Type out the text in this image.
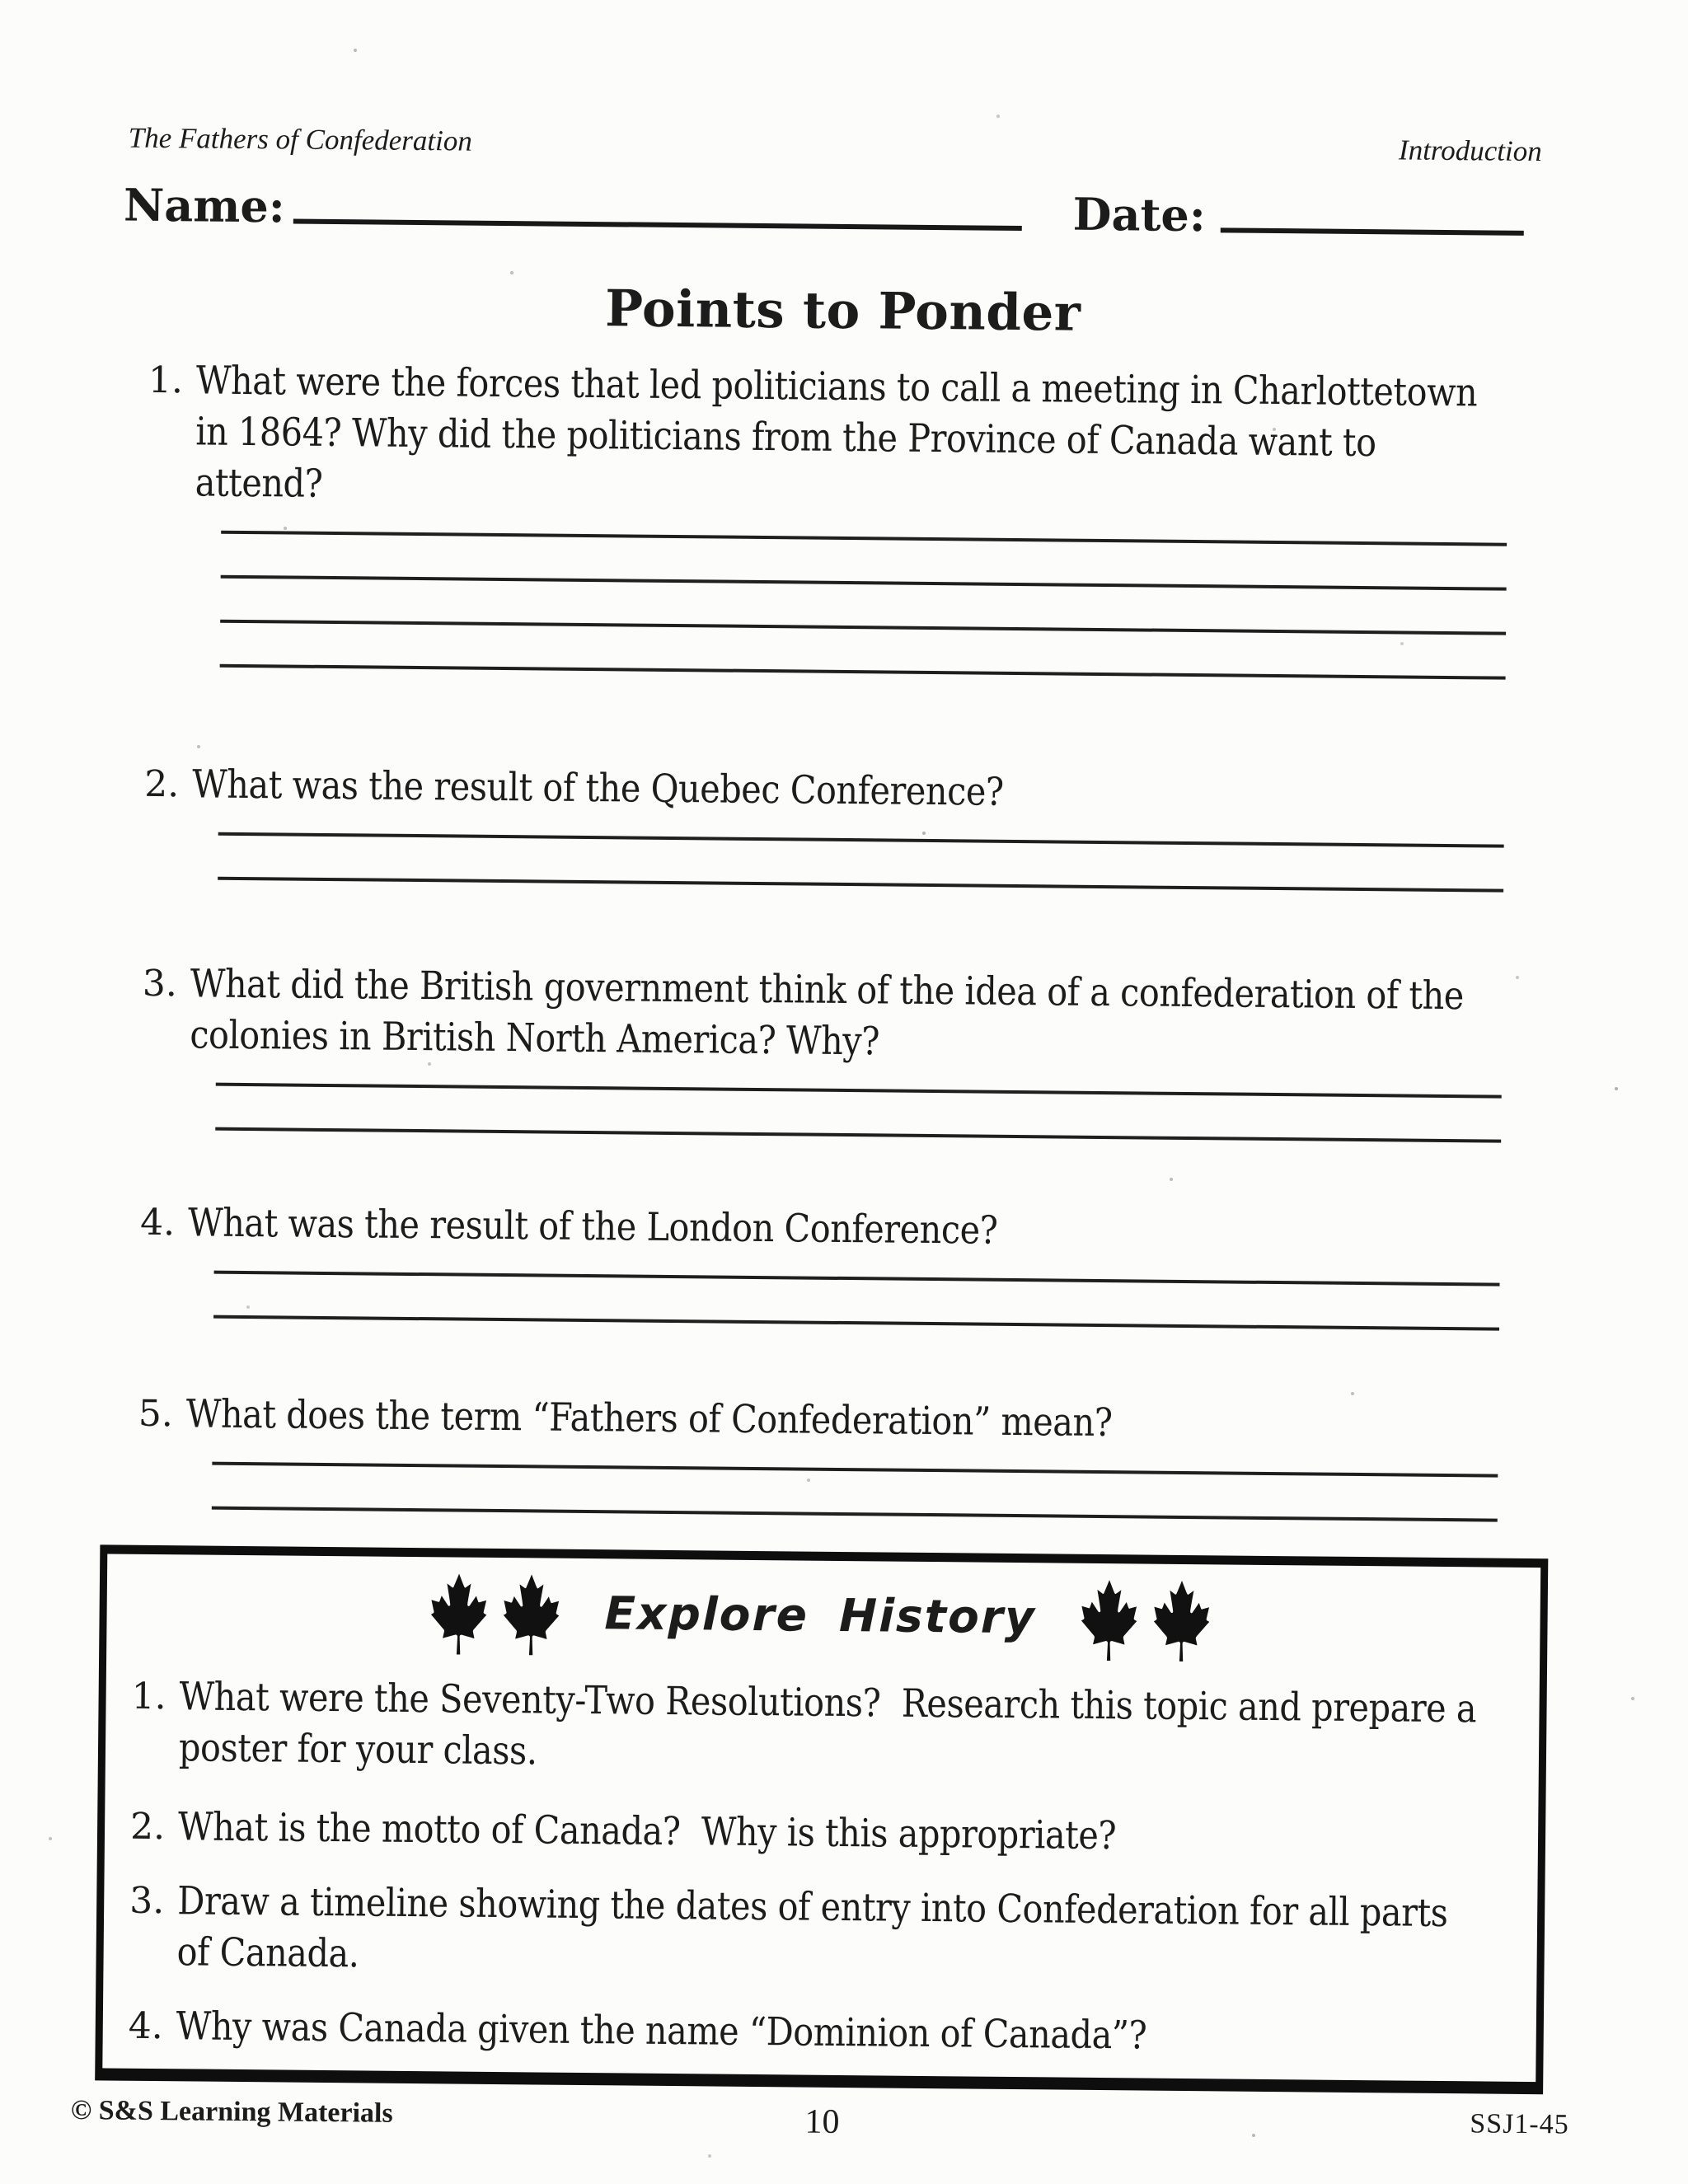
The Fathers of Confederation	Introduction
Name:	Date:
Points to Ponder
1. What were the forces that led politicians to call a meeting in Charlottetown
in 1864? Why did the politicians from the Province of Canada want to
attend?
2. What was the result of the Quebec Conference?
3. What did the British government think of the idea of a confederation of the
colonies in British North America? Why?
4. What was the result of the London Conference?
5. What does the term “Fathers of Confederation” mean?
Explore History
1. What were the Seventy-Two Resolutions?  Research this topic and prepare a
poster for your class.
2. What is the motto of Canada?  Why is this appropriate?
3. Draw a timeline showing the dates of entry into Confederation for all parts
of Canada.
4. Why was Canada given the name “Dominion of Canada”?
© S&S Learning Materials	10	SSJ1-45
